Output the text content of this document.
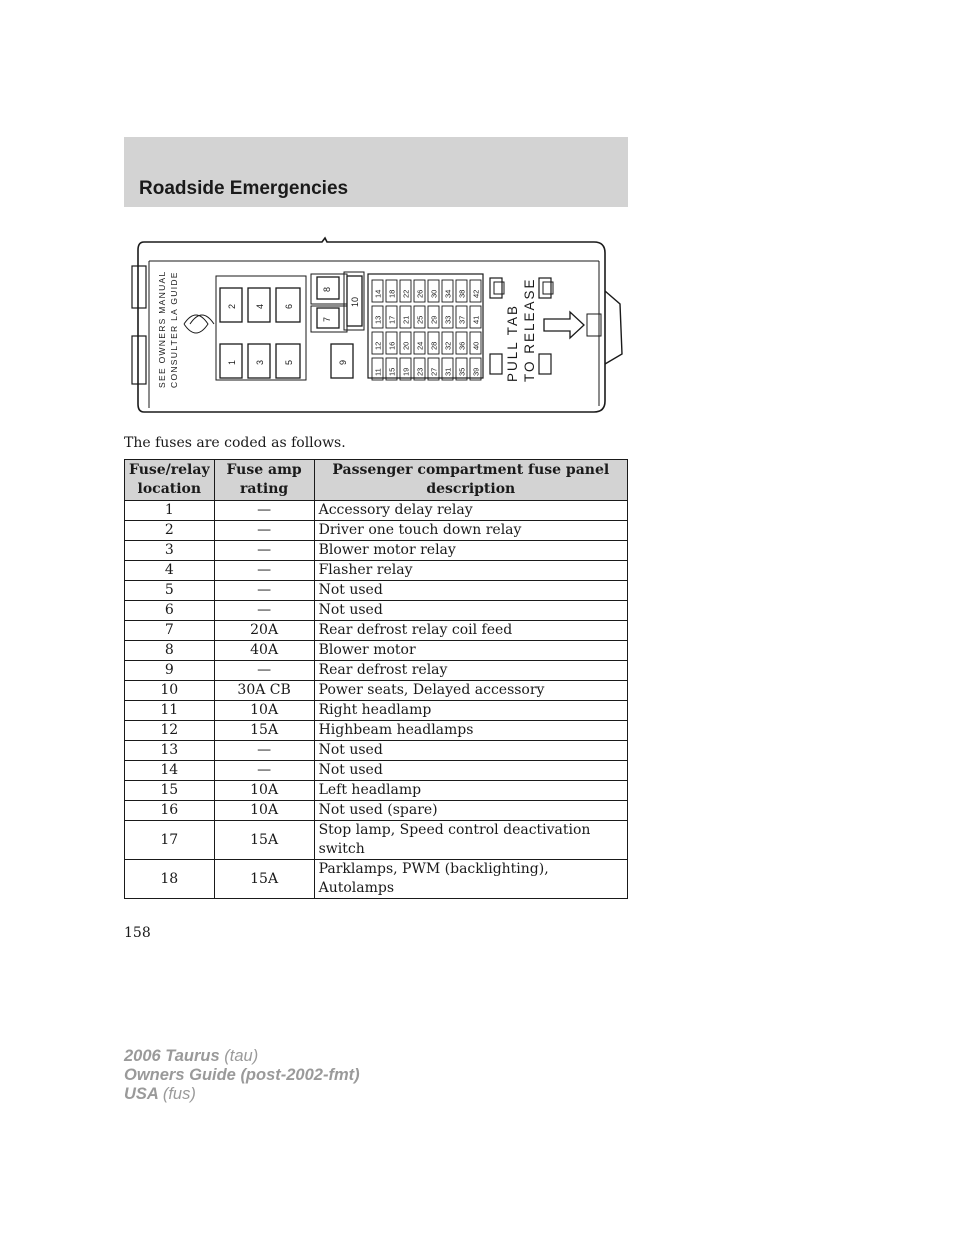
Roadside Emergencies
SEE OWNERS MANUAL CONSULTER LA GUIDE	2 4 6
1 3 5
8
7
9
10
11
12
13
14
15
16
17
18
19
20
21
22
23
24
25
26
27
28
29
30
31
32
33
34
35
36
37
38
39
40
41
42
PULL TAB TO RELEASE
The fuses are coded as follows.
Fuse/relay location	Fuse amp rating	Passenger compartment fuse panel description
1	—	Accessory delay relay
2	—	Driver one touch down relay
3	—	Blower motor relay
4	—	Flasher relay
5	—	Not used
6	—	Not used
7	20A	Rear defrost relay coil feed
8	40A	Blower motor
9	—	Rear defrost relay
10	30A CB	Power seats, Delayed accessory
11	10A	Right headlamp
12	15A	Highbeam headlamps
13	—	Not used
14	—	Not used
15	10A	Left headlamp
16	10A	Not used (spare)
17	15A	Stop lamp, Speed control deactivation switch
18	15A	Parklamps, PWM (backlighting), Autolamps
158
2006 Taurus (tau)
Owners Guide (post-2002-fmt)
USA (fus)
